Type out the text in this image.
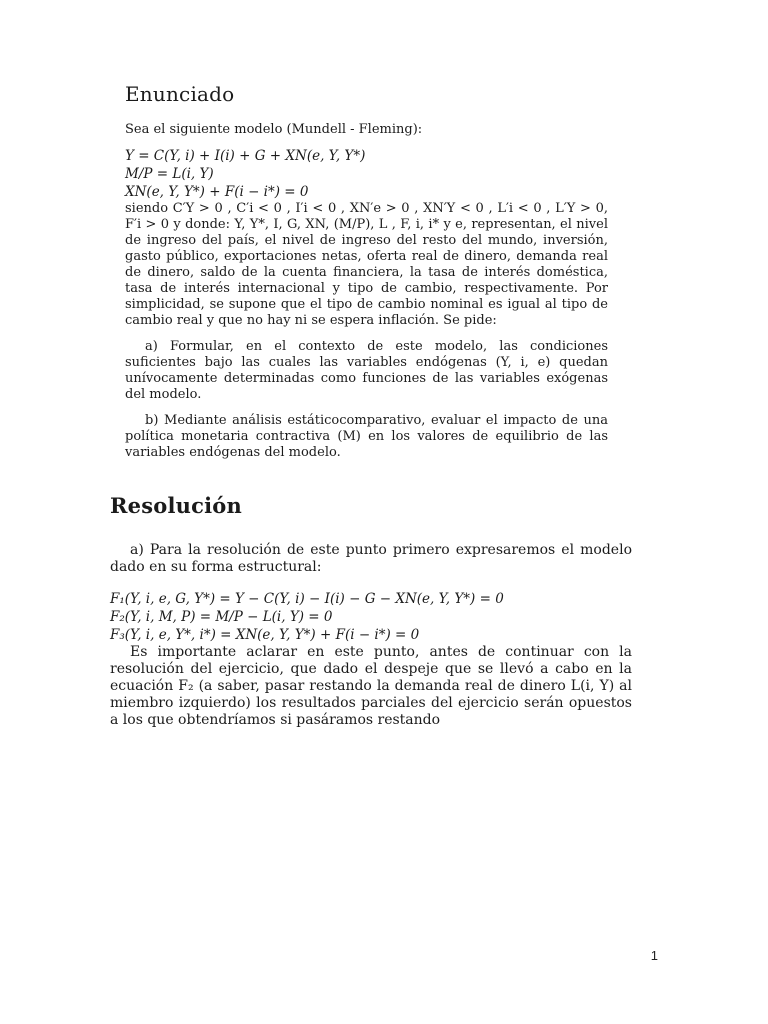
Enunciado

Sea el siguiente modelo (Mundell - Fleming):

Y = C(Y, i) + I(i) + G + XN(e, Y, Y*)

M/P = L(i, Y)

XN(e, Y, Y*) + F(i − i*) = 0

siendo C′Y > 0 , C′i < 0 , I′i < 0 , XN′e > 0 , XN′Y < 0 , L′i < 0 , L′Y > 0, F′i > 0 y donde: Y, Y*, I, G, XN, (M/P), L , F, i, i* y e, representan, el nivel de ingreso del país, el nivel de ingreso del resto del mundo, inversión, gasto público, exportaciones netas, oferta real de dinero, demanda real de dinero, saldo de la cuenta financiera, la tasa de interés doméstica, tasa de interés internacional y tipo de cambio, respectivamente. Por simplicidad, se supone que el tipo de cambio nominal es igual al tipo de cambio real y que no hay ni se espera inflación. Se pide:

a) Formular, en el contexto de este modelo, las condiciones suficientes bajo las cuales las variables endógenas (Y, i, e) quedan unívocamente determinadas como funciones de las variables exógenas del modelo.

b) Mediante análisis estáticocomparativo, evaluar el impacto de una política monetaria contractiva (M) en los valores de equilibrio de las variables endógenas del modelo.

Resolución

a) Para la resolución de este punto primero expresaremos el modelo dado en su forma estructural:

F₁(Y, i, e, G, Y*) = Y − C(Y, i) − I(i) − G − XN(e, Y, Y*) = 0

F₂(Y, i, M, P) = M/P − L(i, Y) = 0

F₃(Y, i, e, Y*, i*) = XN(e, Y, Y*) + F(i − i*) = 0

Es importante aclarar en este punto, antes de continuar con la resolución del ejercicio, que dado el despeje que se llevó a cabo en la ecuación F₂ (a saber, pasar restando la demanda real de dinero L(i, Y) al miembro izquierdo) los resultados parciales del ejercicio serán opuestos a los que obtendríamos si pasáramos restando

1
